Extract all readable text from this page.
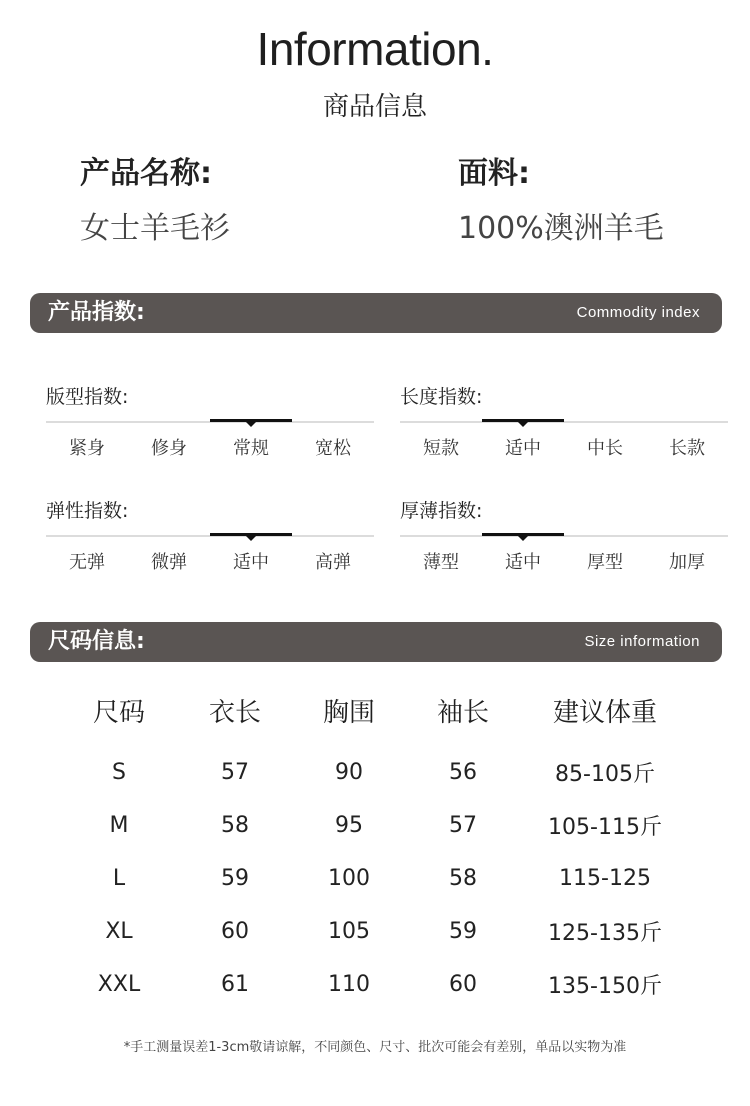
Information.
商品信息
产品名称:
女士羊毛衫
面料:
100%澳洲羊毛
产品指数:	Commodity index
版型指数:
紧身	修身	常规	宽松
长度指数:
短款	适中	中长	长款
弹性指数:
无弹	微弹	适中	高弹
厚薄指数:
薄型	适中	厚型	加厚
尺码信息:	Size information
尺码	衣长	胸围	袖长	建议体重
S	57	90	56	85-105斤
M	58	95	57	105-115斤
L	59	100	58	115-125
XL	60	105	59	125-135斤
XXL	61	110	60	135-150斤
*手工测量误差1-3cm敬请谅解，不同颜色、尺寸、批次可能会有差别，单品以实物为准
